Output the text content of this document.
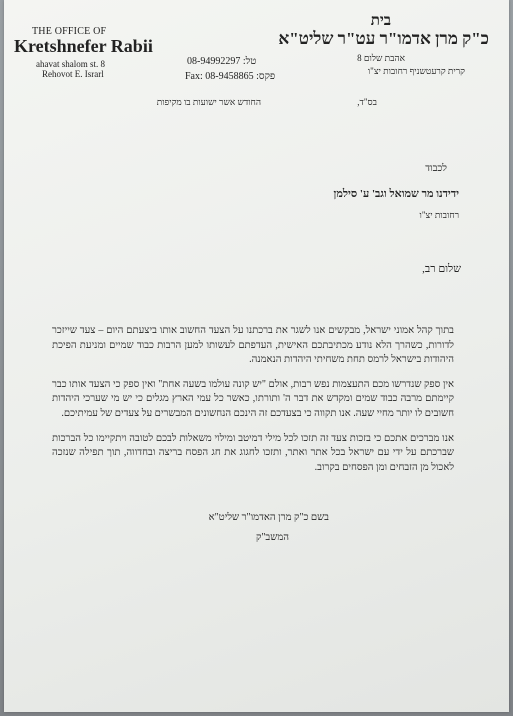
THE OFFICE OF
Kretshnefer Rabii
ahavat shalom st. 8
Rehovot E. Israrl
טל: 08-94992297
Fax: 08-9458865 :פקס
בית
כ"ק מרן אדמו"ר עט"ר שליט"א
אהבת שלום 8
קרית קרעטשניף רחובות יצ"ו
בס"ד,
החודש אשר ישועות בו מקיפות
לכבוד
ידידנו מר שמואל וגב' ע' סילמן
רחובות יצ"ו
שלום רב,

בתוך קהל אמוני ישראל, מבקשים אנו לשגר את ברכתנו על הצעד החשוב אותו ביצעתם היום – צעד שייזכר לדורות, כשהרך הלא נודע מכתיבתכם האישית, העדפתם לעשותו למען הרבות כבוד שמיים ומניעת הפיכת היהודות בישראל לרמס תחת משחיתי היהדות הנאמנה.

אין ספק שנדרשו מכם התעצמות נפש רבות, אולם "יש קונה עולמו בשעה אחת" ואין ספק כי הצעד אותו כבר קיימתם מרבה כבוד שמים ומקדש את דבר ה' ותורתו, כאשר כל עמי הארץ מגלים כי יש מי שערכי היהדות חשובים לו יותר מחיי שעה. אנו תקווה כי בצעדכם זה הינכם הנחשונים המבשרים על צעדים של עמיתיכם.

אנו מברכים אתכם כי בזכות צעד זה תזכו לכל מילי דמיטב ומילוי משאלות לבכם לטובה ויתקיימו כל הברכות שברכתם על ידי עם ישראל בכל אתר ואתר, ותזכו לחגוג את חג הפסח בריצה ובחדווה, תוך תפילה שנזכה לאכול מן הזבחים ומן הפסחים בקרוב.

בשם כ"ק מרן האדמו"ר שליט"א
המשב"ק
